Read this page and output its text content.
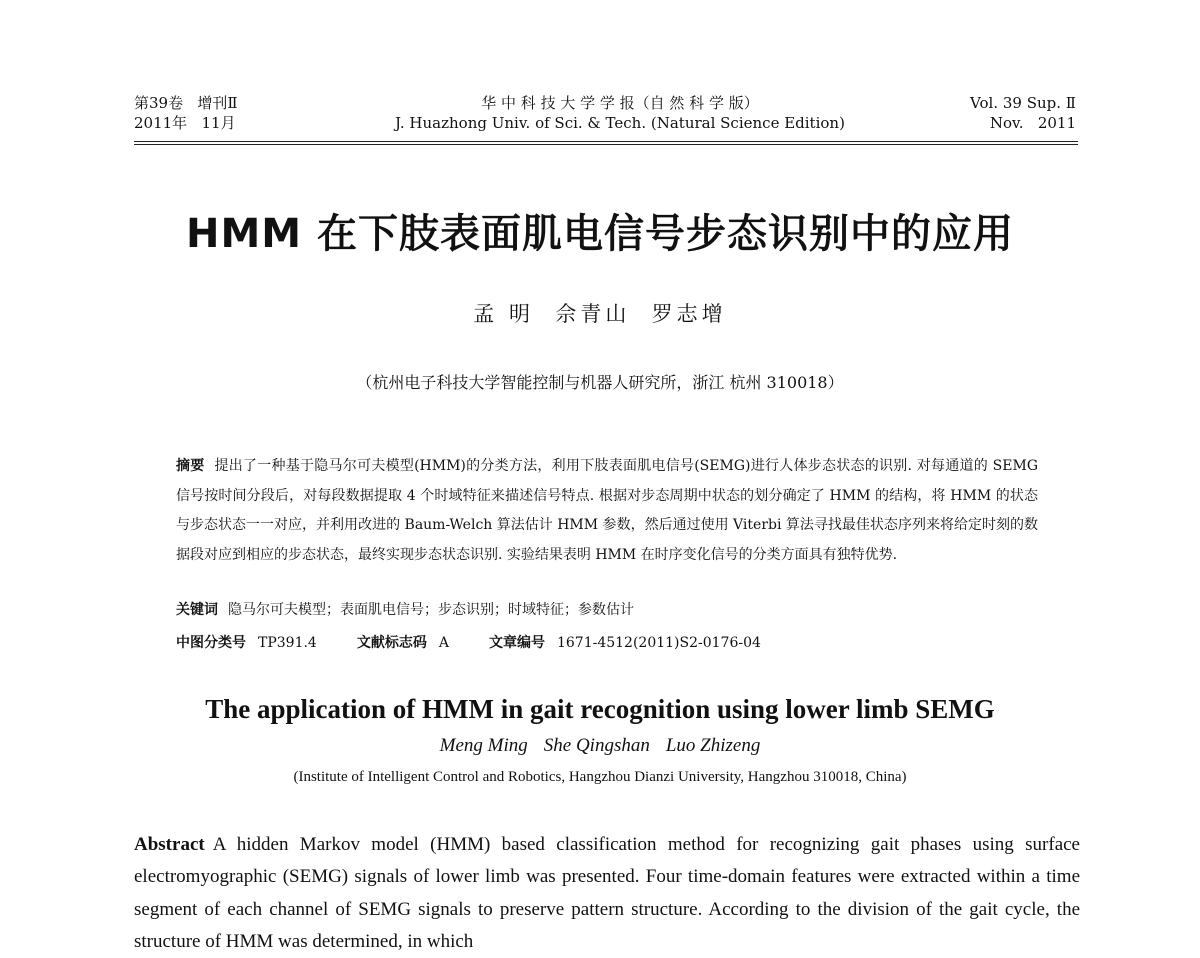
第39卷 增刊Ⅱ
2011年 11月
华 中 科 技 大 学 学 报（自 然 科 学 版）
J. Huazhong Univ. of Sci. & Tech. (Natural Science Edition)
Vol. 39 Sup. Ⅱ
Nov.   2011
HMM 在下肢表面肌电信号步态识别中的应用
孟 明  佘青山  罗志增
（杭州电子科技大学智能控制与机器人研究所，浙江 杭州 310018）
摘要 提出了一种基于隐马尔可夫模型(HMM)的分类方法，利用下肢表面肌电信号(SEMG)进行人体步态状态的识别. 对每通道的 SEMG 信号按时间分段后，对每段数据提取 4 个时域特征来描述信号特点. 根据对步态周期中状态的划分确定了 HMM 的结构，将 HMM 的状态与步态状态一一对应，并利用改进的 Baum-Welch 算法估计 HMM 参数，然后通过使用 Viterbi 算法寻找最佳状态序列来将给定时刻的数据段对应到相应的步态状态，最终实现步态状态识别. 实验结果表明 HMM 在时序变化信号的分类方面具有独特优势.
关键词 隐马尔可夫模型；表面肌电信号；步态识别；时域特征；参数估计
中图分类号 TP391.4	文献标志码 A	文章编号 1671-4512(2011)S2-0176-04
The application of HMM in gait recognition using lower limb SEMG
Meng Ming She Qingshan Luo Zhizeng
(Institute of Intelligent Control and Robotics, Hangzhou Dianzi University, Hangzhou 310018, China)
Abstract A hidden Markov model (HMM) based classification method for recognizing gait phases using surface electromyographic (SEMG) signals of lower limb was presented. Four time-domain features were extracted within a time segment of each channel of SEMG signals to preserve pattern structure. According to the division of the gait cycle, the structure of HMM was determined, in which
